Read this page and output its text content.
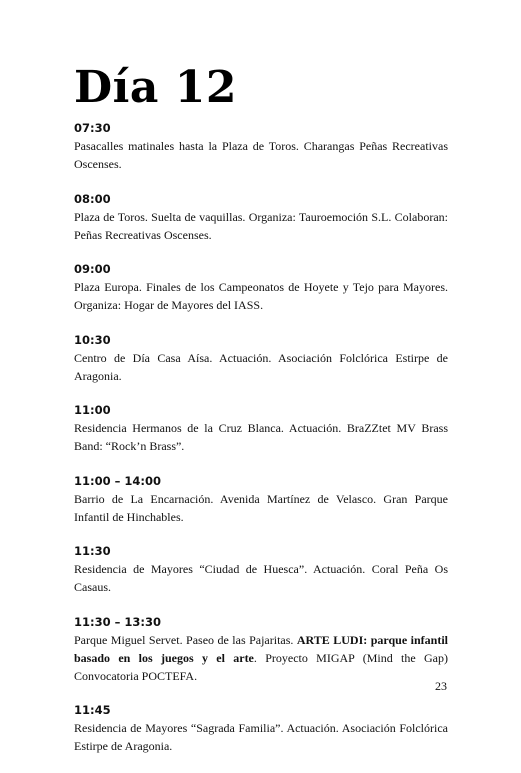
Día 12

07:30

Pasacalles matinales hasta la Plaza de Toros. Charangas Peñas Recreativas Oscenses.

08:00

Plaza de Toros. Suelta de vaquillas. Organiza: Tauroemoción S.L. Colaboran: Peñas Recreativas Oscenses.

09:00

Plaza Europa. Finales de los Campeonatos de Hoyete y Tejo para Mayores. Organiza: Hogar de Mayores del IASS.

10:30

Centro de Día Casa Aísa. Actuación. Asociación Folclórica Estirpe de Aragonia.

11:00

Residencia Hermanos de la Cruz Blanca. Actuación. BraZZtet MV Brass Band: “Rock’n Brass”.

11:00 – 14:00

Barrio de La Encarnación. Avenida Martínez de Velasco. Gran Parque Infantil de Hinchables.

11:30

Residencia de Mayores “Ciudad de Huesca”. Actuación. Coral Peña Os Casaus.

11:30 – 13:30

Parque Miguel Servet. Paseo de las Pajaritas. ARTE LUDI: parque infantil basado en los juegos y el arte. Proyecto MIGAP (Mind the Gap) Convocatoria POCTEFA.

11:45

Residencia de Mayores “Sagrada Familia”. Actuación. Asociación Folclórica Estirpe de Aragonia.

23
